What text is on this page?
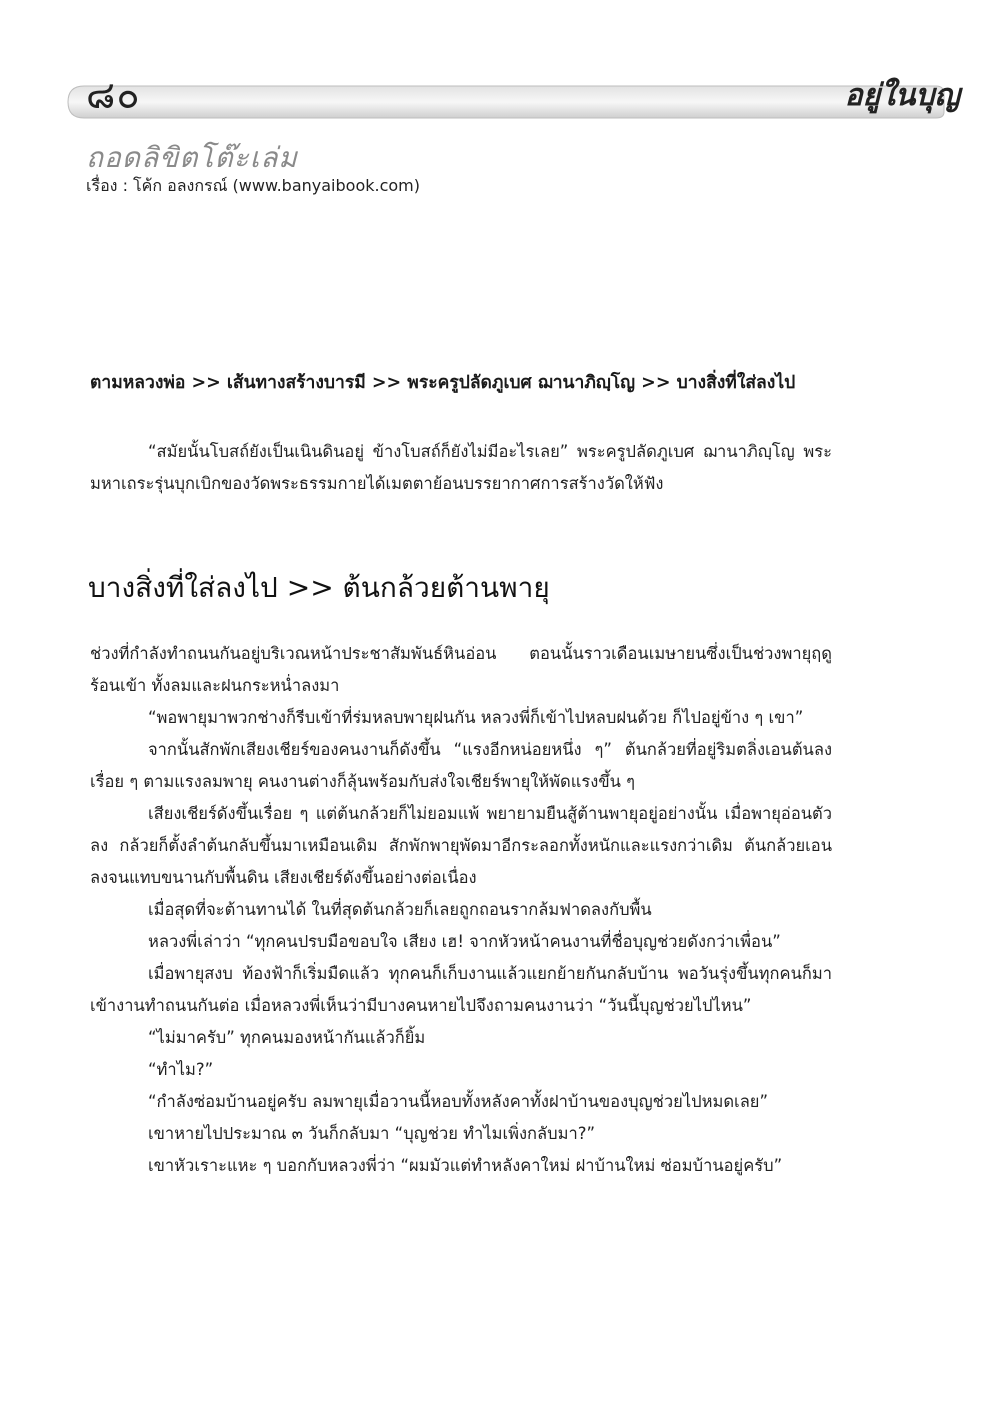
๘๐	อยู่ในบุญ
ถอดลิขิตโต๊ะเล่ม
เรื่อง : โค้ก อลงกรณ์ (www.banyaibook.com)
ตามหลวงพ่อ >> เส้นทางสร้างบารมี >> พระครูปลัดภูเบศ ฌานาภิญฺโญ >> บางสิ่งที่ใส่ลงไป

“สมัยนั้นโบสถ์ยังเป็นเนินดินอยู่ ข้างโบสถ์ก็ยังไม่มีอะไรเลย” พระครูปลัดภูเบศ ฌานาภิญฺโญ พระมหาเถระรุ่นบุกเบิกของวัดพระธรรมกายได้เมตตาย้อนบรรยากาศการสร้างวัดให้ฟัง

บางสิ่งที่ใส่ลงไป >> ต้นกล้วยต้านพายุ

ช่วงที่กำลังทำถนนกันอยู่บริเวณหน้าประชาสัมพันธ์หินอ่อน ตอนนั้นราวเดือนเมษายนซึ่งเป็นช่วงพายุฤดูร้อนเข้า ทั้งลมและฝนกระหน่ำลงมา

“พอพายุมาพวกช่างก็รีบเข้าที่ร่มหลบพายุฝนกัน หลวงพี่ก็เข้าไปหลบฝนด้วย ก็ไปอยู่ข้าง ๆ เขา”

จากนั้นสักพักเสียงเชียร์ของคนงานก็ดังขึ้น “แรงอีกหน่อยหนึ่ง ๆ” ต้นกล้วยที่อยู่ริมตลิ่งเอนต้นลงเรื่อย ๆ ตามแรงลมพายุ คนงานต่างก็ลุ้นพร้อมกับส่งใจเชียร์พายุให้พัดแรงขึ้น ๆ

เสียงเชียร์ดังขึ้นเรื่อย ๆ แต่ต้นกล้วยก็ไม่ยอมแพ้ พยายามยืนสู้ต้านพายุอยู่อย่างนั้น เมื่อพายุอ่อนตัวลง กล้วยก็ตั้งลำต้นกลับขึ้นมาเหมือนเดิม สักพักพายุพัดมาอีกระลอกทั้งหนักและแรงกว่าเดิม ต้นกล้วยเอนลงจนแทบขนานกับพื้นดิน เสียงเชียร์ดังขึ้นอย่างต่อเนื่อง

เมื่อสุดที่จะต้านทานได้ ในที่สุดต้นกล้วยก็เลยถูกถอนรากล้มฟาดลงกับพื้น

หลวงพี่เล่าว่า “ทุกคนปรบมือขอบใจ เสียง เฮ! จากหัวหน้าคนงานที่ชื่อบุญช่วยดังกว่าเพื่อน”

เมื่อพายุสงบ ท้องฟ้าก็เริ่มมืดแล้ว ทุกคนก็เก็บงานแล้วแยกย้ายกันกลับบ้าน พอวันรุ่งขึ้นทุกคนก็มาเข้างานทำถนนกันต่อ เมื่อหลวงพี่เห็นว่ามีบางคนหายไปจึงถามคนงานว่า “วันนี้บุญช่วยไปไหน”

“ไม่มาครับ” ทุกคนมองหน้ากันแล้วก็ยิ้ม

“ทำไม?”

“กำลังซ่อมบ้านอยู่ครับ ลมพายุเมื่อวานนี้หอบทั้งหลังคาทั้งฝาบ้านของบุญช่วยไปหมดเลย”

เขาหายไปประมาณ ๓ วันก็กลับมา “บุญช่วย ทำไมเพิ่งกลับมา?”

เขาหัวเราะแหะ ๆ บอกกับหลวงพี่ว่า “ผมมัวแต่ทำหลังคาใหม่ ฝาบ้านใหม่ ซ่อมบ้านอยู่ครับ”
